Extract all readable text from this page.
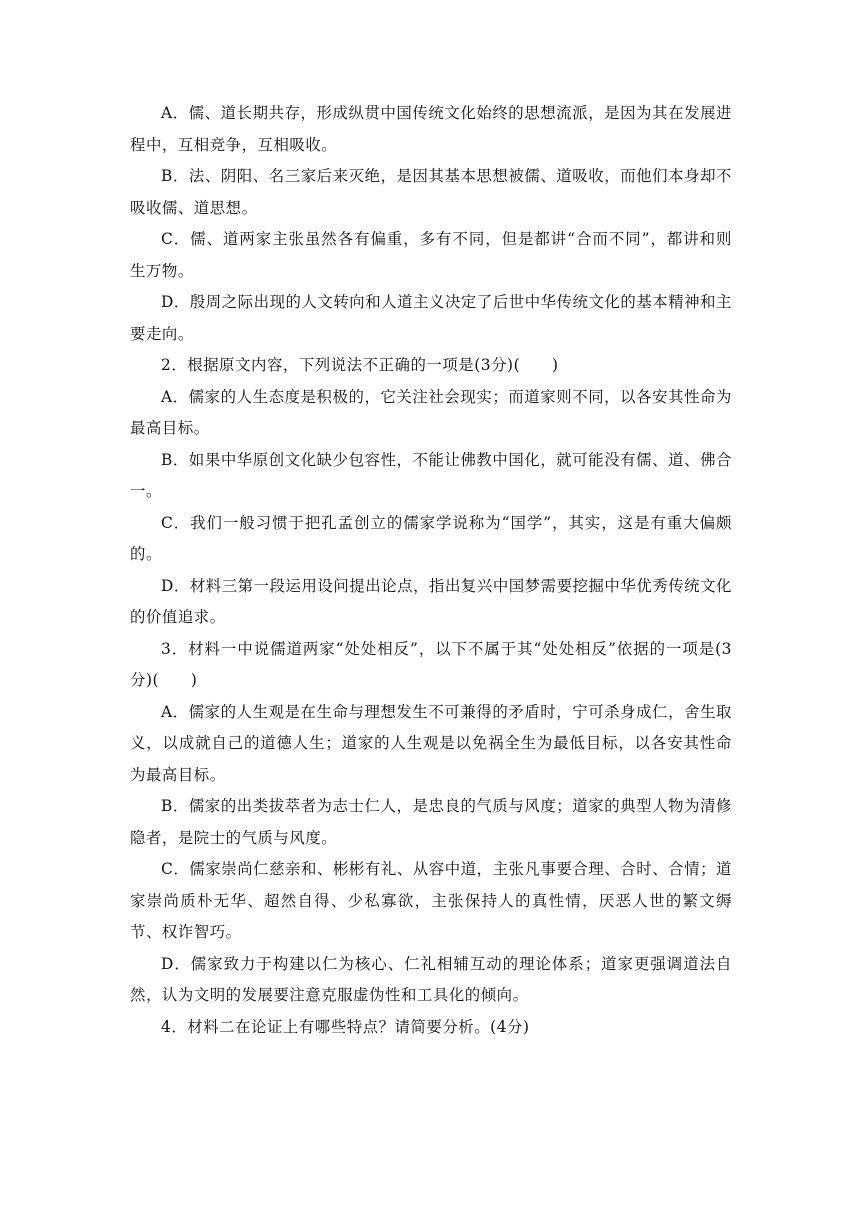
A．儒、道长期共存，形成纵贯中国传统文化始终的思想流派，是因为其在发展进程中，互相竞争，互相吸收。

B．法、阴阳、名三家后来灭绝，是因其基本思想被儒、道吸收，而他们本身却不吸收儒、道思想。

C．儒、道两家主张虽然各有偏重，多有不同，但是都讲“合而不同”，都讲和则生万物。

D．殷周之际出现的人文转向和人道主义决定了后世中华传统文化的基本精神和主要走向。

2．根据原文内容，下列说法不正确的一项是(3分)(　　)

A．儒家的人生态度是积极的，它关注社会现实；而道家则不同，以各安其性命为最高目标。

B．如果中华原创文化缺少包容性，不能让佛教中国化，就可能没有儒、道、佛合一。

C．我们一般习惯于把孔孟创立的儒家学说称为“国学”，其实，这是有重大偏颇的。

D．材料三第一段运用设问提出论点，指出复兴中国梦需要挖掘中华优秀传统文化的价值追求。

3．材料一中说儒道两家“处处相反”，以下不属于其“处处相反”依据的一项是(3分)(　　)

A．儒家的人生观是在生命与理想发生不可兼得的矛盾时，宁可杀身成仁，舍生取义，以成就自己的道德人生；道家的人生观是以免祸全生为最低目标，以各安其性命为最高目标。

B．儒家的出类拔萃者为志士仁人，是忠良的气质与风度；道家的典型人物为清修隐者，是院士的气质与风度。

C．儒家崇尚仁慈亲和、彬彬有礼、从容中道，主张凡事要合理、合时、合情；道家崇尚质朴无华、超然自得、少私寡欲，主张保持人的真性情，厌恶人世的繁文缛节、权诈智巧。

D．儒家致力于构建以仁为核心、仁礼相辅互动的理论体系；道家更强调道法自然，认为文明的发展要注意克服虚伪性和工具化的倾向。

4．材料二在论证上有哪些特点？请简要分析。(4分)
